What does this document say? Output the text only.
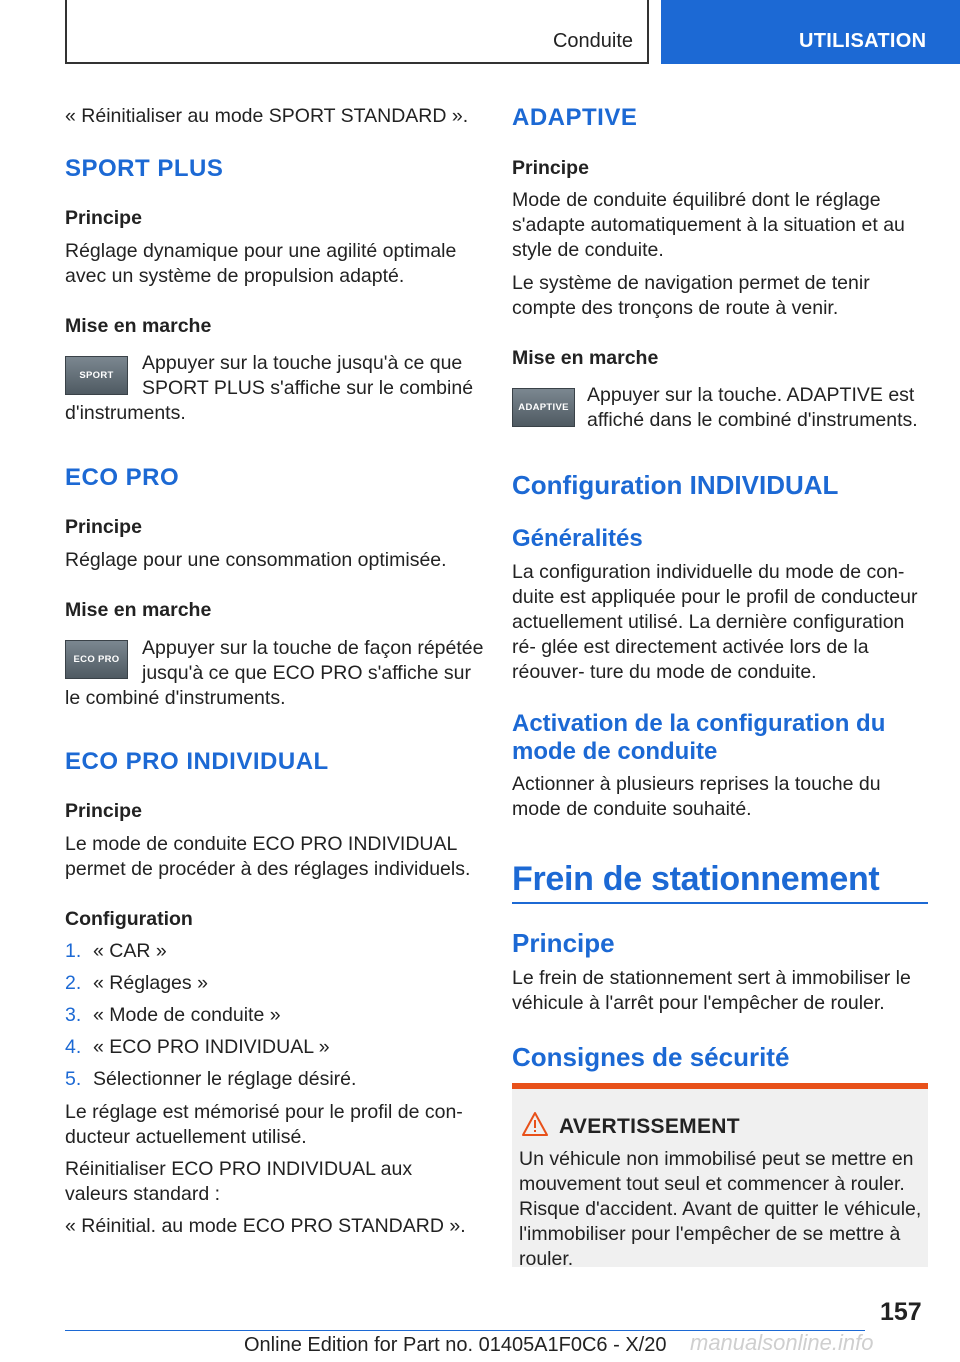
Conduite	UTILISATION
« Réinitialiser au mode SPORT STANDARD ».
SPORT PLUS
Principe
Réglage dynamique pour une agilité optimale avec un système de propulsion adapté.
Mise en marche
SPORT
Appuyer sur la touche jusqu'à ce que
SPORT PLUS s'affiche sur le combiné
d'instruments.
ECO PRO
Principe
Réglage pour une consommation optimisée.
Mise en marche
ECO PRO
Appuyer sur la touche de façon répétée
jusqu'à ce que ECO PRO s'affiche sur
le combiné d'instruments.
ECO PRO INDIVIDUAL
Principe
Le mode de conduite ECO PRO INDIVIDUAL permet de procéder à des réglages individuels.
Configuration
1. « CAR »
2. « Réglages »
3. « Mode de conduite »
4. « ECO PRO INDIVIDUAL »
5. Sélectionner le réglage désiré.
Le réglage est mémorisé pour le profil de con- ducteur actuellement utilisé.
Réinitialiser ECO PRO INDIVIDUAL aux valeurs standard :
« Réinitial. au mode ECO PRO STANDARD ».
ADAPTIVE
Principe
Mode de conduite équilibré dont le réglage s'adapte automatiquement à la situation et au style de conduite.
Le système de navigation permet de tenir compte des tronçons de route à venir.
Mise en marche
ADAPTIVE
Appuyer sur la touche. ADAPTIVE est
affiché dans le combiné d'instruments.
Configuration INDIVIDUAL
Généralités
La configuration individuelle du mode de con- duite est appliquée pour le profil de conducteur actuellement utilisé. La dernière configuration ré- glée est directement activée lors de la réouver- ture du mode de conduite.
Activation de la configuration du
mode de conduite
Actionner à plusieurs reprises la touche du mode de conduite souhaité.
Frein de stationnement
Principe
Le frein de stationnement sert à immobiliser le véhicule à l'arrêt pour l'empêcher de rouler.
Consignes de sécurité
AVERTISSEMENT
Un véhicule non immobilisé peut se mettre en mouvement tout seul et commencer à rouler. Risque d'accident. Avant de quitter le véhicule, l'immobiliser pour l'empêcher de se mettre à rouler.
157
Online Edition for Part no. 01405A1F0C6 - X/20 manualsonline.info
